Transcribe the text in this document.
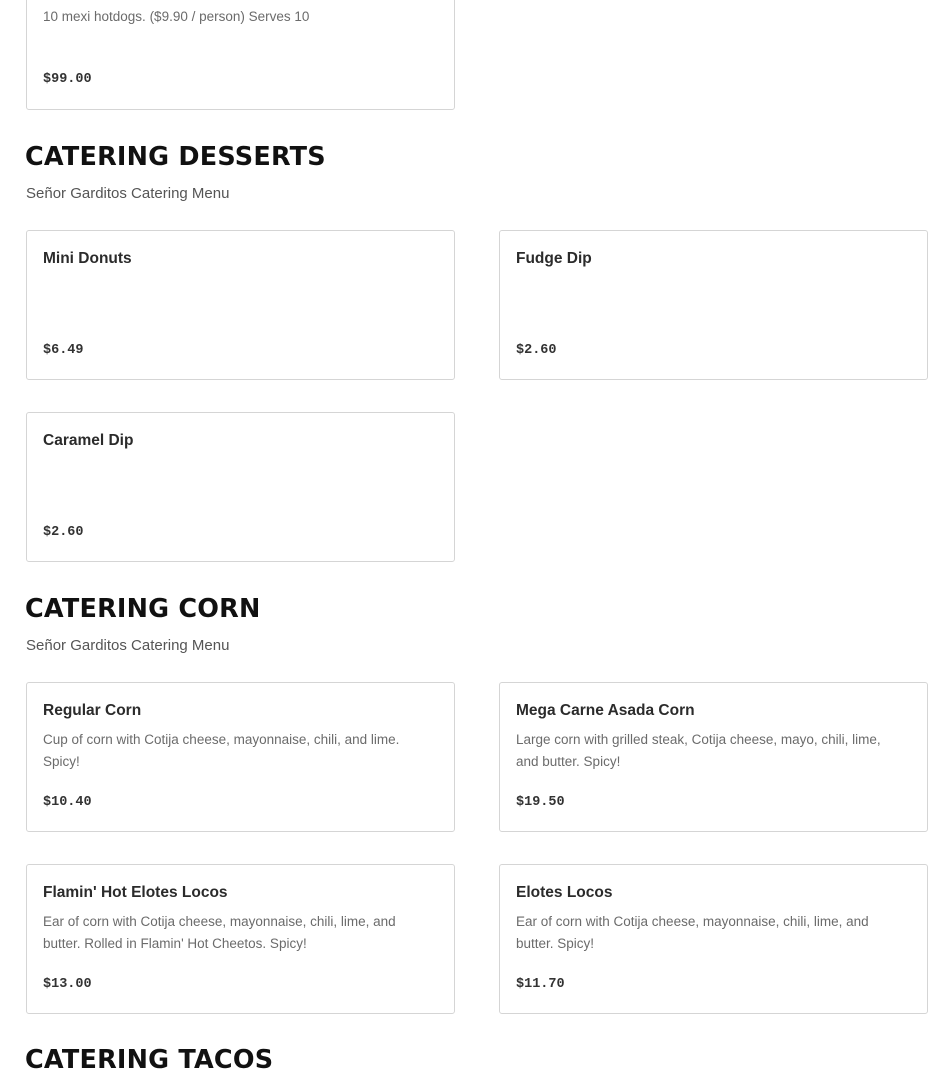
10 mexi hotdogs. ($9.90 / person) Serves 10
$99.00
CATERING DESSERTS
Señor Garditos Catering Menu
Mini Donuts
$6.49
Fudge Dip
$2.60
Caramel Dip
$2.60
CATERING CORN
Señor Garditos Catering Menu
Regular Corn
Cup of corn with Cotija cheese, mayonnaise, chili, and lime. Spicy!
$10.40
Mega Carne Asada Corn
Large corn with grilled steak, Cotija cheese, mayo, chili, lime, and butter. Spicy!
$19.50
Flamin' Hot Elotes Locos
Ear of corn with Cotija cheese, mayonnaise, chili, lime, and butter. Rolled in Flamin' Hot Cheetos. Spicy!
$13.00
Elotes Locos
Ear of corn with Cotija cheese, mayonnaise, chili, lime, and butter. Spicy!
$11.70
CATERING TACOS
